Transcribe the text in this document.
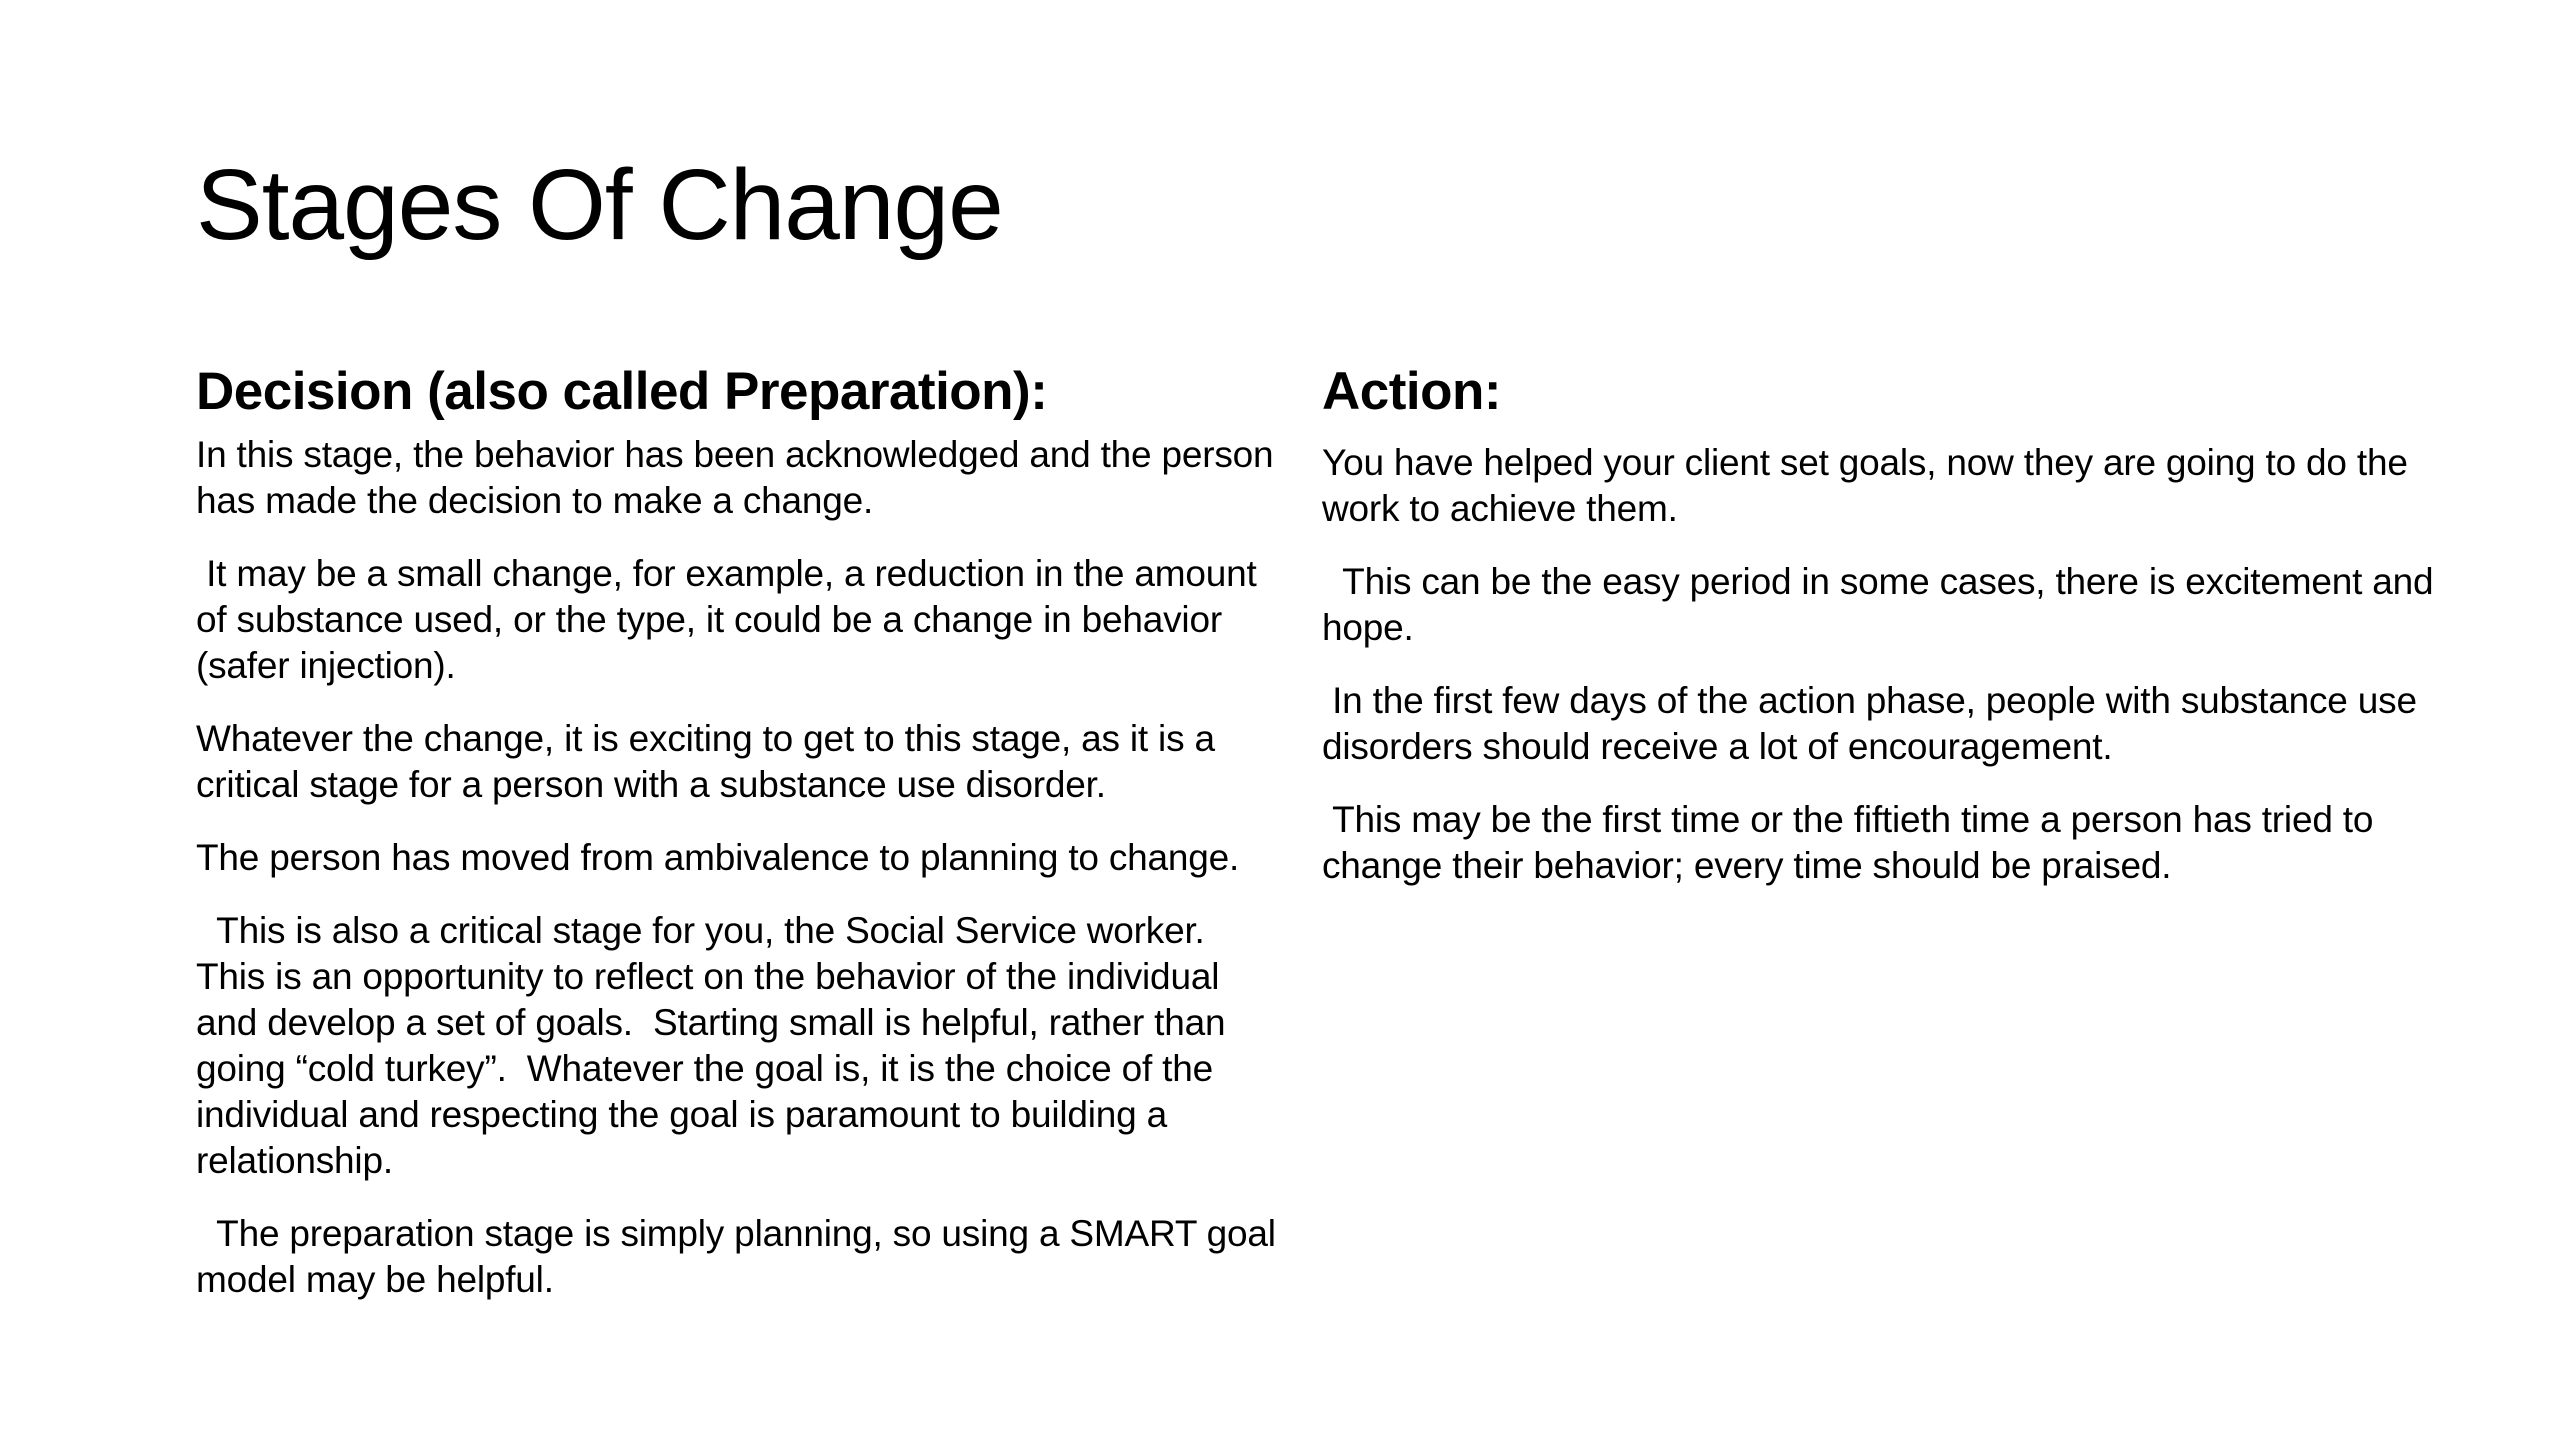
Stages Of Change
Decision (also called Preparation):

In this stage, the behavior has been acknowledged and the person has made the decision to make a change.

It may be a small change, for example, a reduction in the amount of substance used, or the type, it could be a change in behavior (safer injection).

Whatever the change, it is exciting to get to this stage, as it is a critical stage for a person with a substance use disorder.

The person has moved from ambivalence to planning to change.

This is also a critical stage for you, the Social Service worker.  This is an opportunity to reflect on the behavior of the individual and develop a set of goals.  Starting small is helpful, rather than going “cold turkey”.  Whatever the goal is, it is the choice of the individual and respecting the goal is paramount to building a relationship.

The preparation stage is simply planning, so using a SMART goal model may be helpful.

Action:

You have helped your client set goals, now they are going to do the work to achieve them.

This can be the easy period in some cases, there is excitement and hope.

In the first few days of the action phase, people with substance use disorders should receive a lot of encouragement.

This may be the first time or the fiftieth time a person has tried to change their behavior; every time should be praised.
